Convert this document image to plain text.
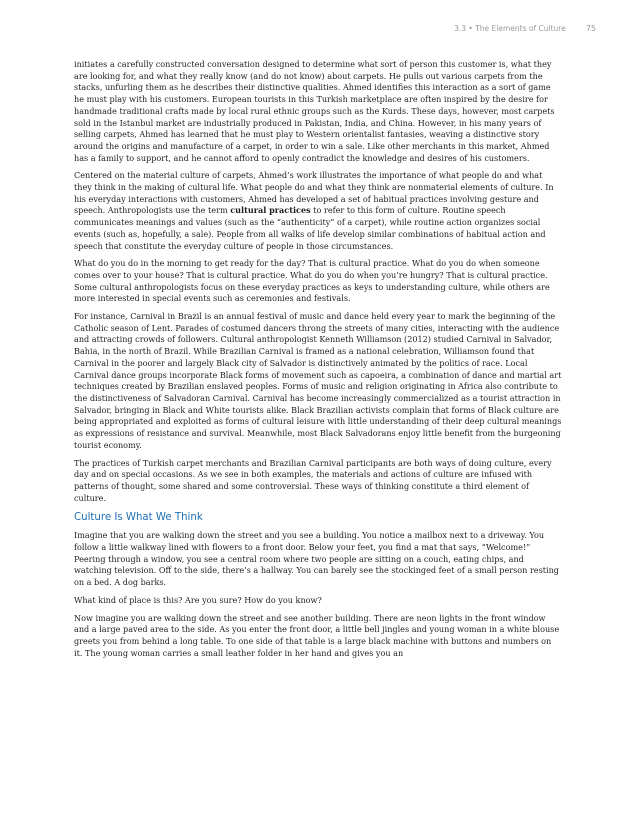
3.3 • The Elements of Culture	75

initiates a carefully constructed conversation designed to determine what sort of person this customer is, what they are looking for, and what they really know (and do not know) about carpets. He pulls out various carpets from the stacks, unfurling them as he describes their distinctive qualities. Ahmed identifies this interaction as a sort of game he must play with his customers. European tourists in this Turkish marketplace are often inspired by the desire for handmade traditional crafts made by local rural ethnic groups such as the Kurds. These days, however, most carpets sold in the Istanbul market are industrially produced in Pakistan, India, and China. However, in his many years of selling carpets, Ahmed has learned that he must play to Western orientalist fantasies, weaving a distinctive story around the origins and manufacture of a carpet, in order to win a sale. Like other merchants in this market, Ahmed has a family to support, and he cannot afford to openly contradict the knowledge and desires of his customers.

Centered on the material culture of carpets, Ahmed’s work illustrates the importance of what people do and what they think in the making of cultural life. What people do and what they think are nonmaterial elements of culture. In his everyday interactions with customers, Ahmed has developed a set of habitual practices involving gesture and speech. Anthropologists use the term cultural practices to refer to this form of culture. Routine speech communicates meanings and values (such as the “authenticity” of a carpet), while routine action organizes social events (such as, hopefully, a sale). People from all walks of life develop similar combinations of habitual action and speech that constitute the everyday culture of people in those circumstances.

What do you do in the morning to get ready for the day? That is cultural practice. What do you do when someone comes over to your house? That is cultural practice. What do you do when you’re hungry? That is cultural practice. Some cultural anthropologists focus on these everyday practices as keys to understanding culture, while others are more interested in special events such as ceremonies and festivals.

For instance, Carnival in Brazil is an annual festival of music and dance held every year to mark the beginning of the Catholic season of Lent. Parades of costumed dancers throng the streets of many cities, interacting with the audience and attracting crowds of followers. Cultural anthropologist Kenneth Williamson (2012) studied Carnival in Salvador, Bahia, in the north of Brazil. While Brazilian Carnival is framed as a national celebration, Williamson found that Carnival in the poorer and largely Black city of Salvador is distinctively animated by the politics of race. Local Carnival dance groups incorporate Black forms of movement such as capoeira, a combination of dance and martial art techniques created by Brazilian enslaved peoples. Forms of music and religion originating in Africa also contribute to the distinctiveness of Salvadoran Carnival. Carnival has become increasingly commercialized as a tourist attraction in Salvador, bringing in Black and White tourists alike. Black Brazilian activists complain that forms of Black culture are being appropriated and exploited as forms of cultural leisure with little understanding of their deep cultural meanings as expressions of resistance and survival. Meanwhile, most Black Salvadorans enjoy little benefit from the burgeoning tourist economy.

The practices of Turkish carpet merchants and Brazilian Carnival participants are both ways of doing culture, every day and on special occasions. As we see in both examples, the materials and actions of culture are infused with patterns of thought, some shared and some controversial. These ways of thinking constitute a third element of culture.

Culture Is What We Think

Imagine that you are walking down the street and you see a building. You notice a mailbox next to a driveway. You follow a little walkway lined with flowers to a front door. Below your feet, you find a mat that says, “Welcome!” Peering through a window, you see a central room where two people are sitting on a couch, eating chips, and watching television. Off to the side, there’s a hallway. You can barely see the stockinged feet of a small person resting on a bed. A dog barks.

What kind of place is this? Are you sure? How do you know?

Now imagine you are walking down the street and see another building. There are neon lights in the front window and a large paved area to the side. As you enter the front door, a little bell jingles and young woman in a white blouse greets you from behind a long table. To one side of that table is a large black machine with buttons and numbers on it. The young woman carries a small leather folder in her hand and gives you an
